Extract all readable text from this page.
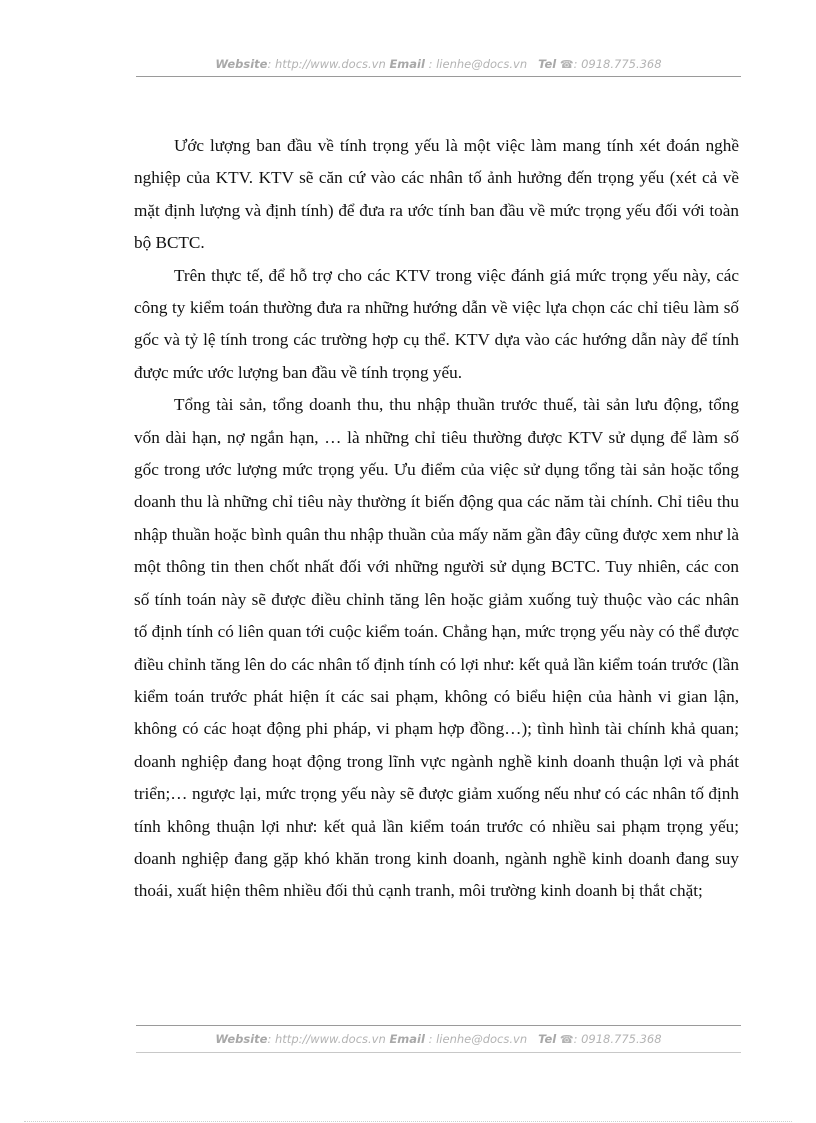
Website: http://www.docs.vn Email : lienhe@docs.vn Tel ☎: 0918.775.368

Ước lượng ban đầu về tính trọng yếu là một việc làm mang tính xét đoán nghề nghiệp của KTV. KTV sẽ căn cứ vào các nhân tố ảnh hưởng đến trọng yếu (xét cả về mặt định lượng và định tính) để đưa ra ước tính ban đầu về mức trọng yếu đối với toàn bộ BCTC.

Trên thực tế, để hỗ trợ cho các KTV trong việc đánh giá mức trọng yếu này, các công ty kiểm toán thường đưa ra những hướng dẫn về việc lựa chọn các chỉ tiêu làm số gốc và tỷ lệ tính trong các trường hợp cụ thể. KTV dựa vào các hướng dẫn này để tính được mức ước lượng ban đầu về tính trọng yếu.

Tổng tài sản, tổng doanh thu, thu nhập thuần trước thuế, tài sản lưu động, tổng vốn dài hạn, nợ ngắn hạn, … là những chỉ tiêu thường được KTV sử dụng để làm số gốc trong ước lượng mức trọng yếu. Ưu điểm của việc sử dụng tổng tài sản hoặc tổng doanh thu là những chỉ tiêu này thường ít biến động qua các năm tài chính. Chỉ tiêu thu nhập thuần hoặc bình quân thu nhập thuần của mấy năm gần đây cũng được xem như là một thông tin then chốt nhất đối với những người sử dụng BCTC. Tuy nhiên, các con số tính toán này sẽ được điều chỉnh tăng lên hoặc giảm xuống tuỳ thuộc vào các nhân tố định tính có liên quan tới cuộc kiểm toán. Chẳng hạn, mức trọng yếu này có thể được điều chỉnh tăng lên do các nhân tố định tính có lợi như: kết quả lần kiểm toán trước (lần kiểm toán trước phát hiện ít các sai phạm, không có biểu hiện của hành vi gian lận, không có các hoạt động phi pháp, vi phạm hợp đồng…); tình hình tài chính khả quan; doanh nghiệp đang hoạt động trong lĩnh vực ngành nghề kinh doanh thuận lợi và phát triển;… ngược lại, mức trọng yếu này sẽ được giảm xuống nếu như có các nhân tố định tính không thuận lợi như: kết quả lần kiểm toán trước có nhiều sai phạm trọng yếu; doanh nghiệp đang gặp khó khăn trong kinh doanh, ngành nghề kinh doanh đang suy thoái, xuất hiện thêm nhiều đối thủ cạnh tranh, môi trường kinh doanh bị thắt chặt;

Website: http://www.docs.vn Email : lienhe@docs.vn Tel ☎: 0918.775.368
